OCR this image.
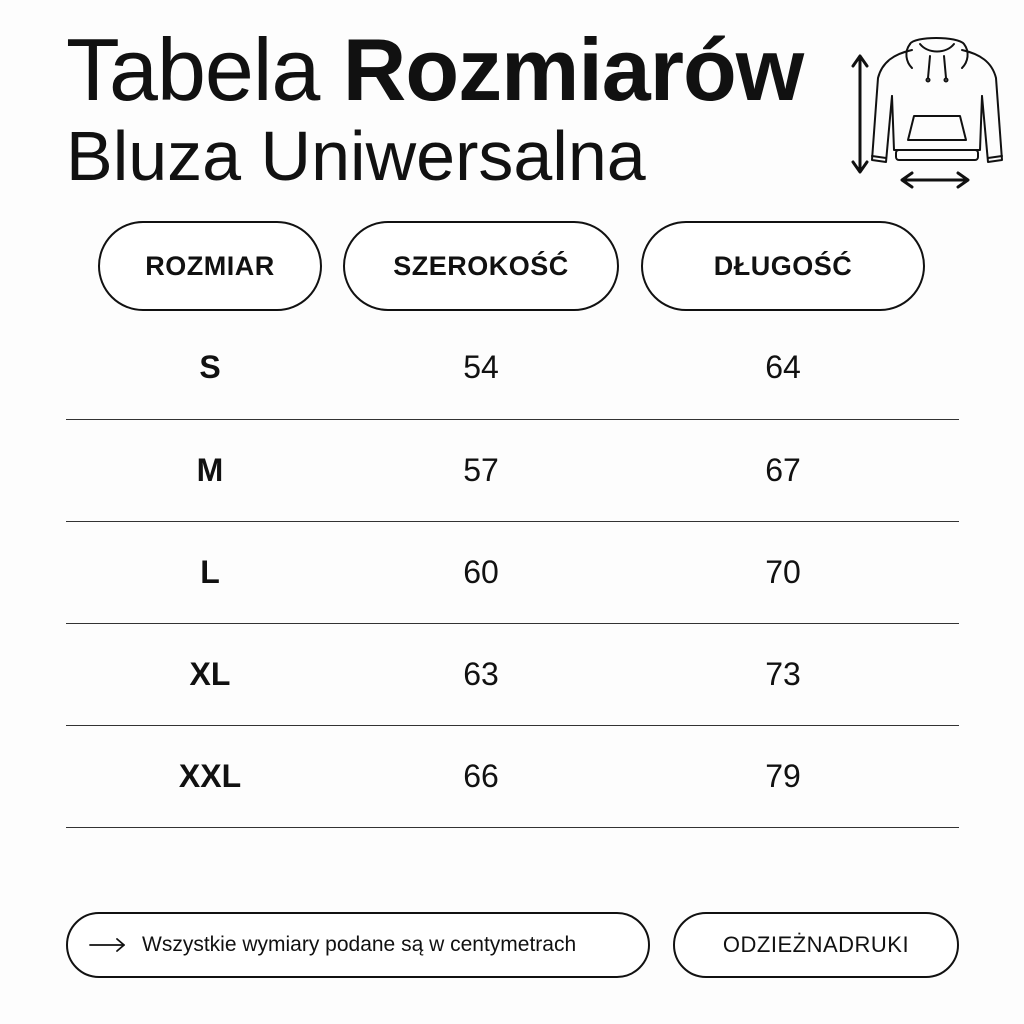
Tabela Rozmiarów
Bluza Uniwersalna
ROZMIAR	SZEROKOŚĆ	DŁUGOŚĆ
S	54	64
M	57	67
L	60	70
XL	63	73
XXL	66	79
Wszystkie wymiary podane są w centymetrach	ODZIEŻNADRUKI
